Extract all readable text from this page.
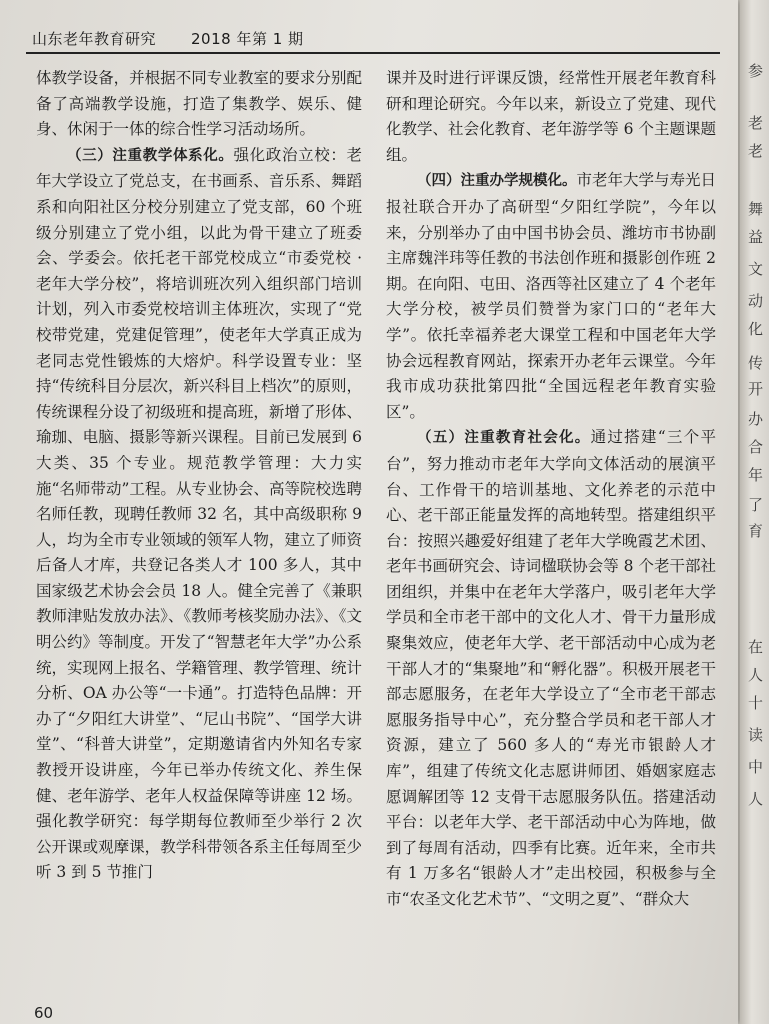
山东老年教育研究 2018 年第 1 期

体教学设备，并根据不同专业教室的要求分别配备了高端教学设施，打造了集教学、娱乐、健身、休闲于一体的综合性学习活动场所。

（三）注重教学体系化。强化政治立校：老年大学设立了党总支，在书画系、音乐系、舞蹈系和向阳社区分校分别建立了党支部，60 个班级分别建立了党小组，以此为骨干建立了班委会、学委会。依托老干部党校成立“市委党校 · 老年大学分校”，将培训班次列入组织部门培训计划，列入市委党校培训主体班次，实现了“党校带党建，党建促管理”，使老年大学真正成为老同志党性锻炼的大熔炉。科学设置专业：坚持“传统科目分层次，新兴科目上档次”的原则，传统课程分设了初级班和提高班，新增了形体、瑜珈、电脑、摄影等新兴课程。目前已发展到 6 大类、35 个专业。规范教学管理：大力实施“名师带动”工程。从专业协会、高等院校选聘名师任教，现聘任教师 32 名，其中高级职称 9 人，均为全市专业领域的领军人物，建立了师资后备人才库，共登记各类人才 100 多人，其中国家级艺术协会会员 18 人。健全完善了《兼职教师津贴发放办法》、《教师考核奖励办法》、《文明公约》等制度。开发了“智慧老年大学”办公系统，实现网上报名、学籍管理、教学管理、统计分析、OA 办公等“一卡通”。打造特色品牌：开办了“夕阳红大讲堂”、“尼山书院”、“国学大讲堂”、“科普大讲堂”，定期邀请省内外知名专家教授开设讲座，今年已举办传统文化、养生保健、老年游学、老年人权益保障等讲座 12 场。强化教学研究：每学期每位教师至少举行 2 次公开课或观摩课，教学科带领各系主任每周至少听 3 到 5 节推门

课并及时进行评课反馈，经常性开展老年教育科研和理论研究。今年以来，新设立了党建、现代化教学、社会化教育、老年游学等 6 个主题课题组。

（四）注重办学规模化。市老年大学与寿光日报社联合开办了高研型“夕阳红学院”，今年以来，分别举办了由中国书协会员、潍坊市书协副主席魏泮玮等任教的书法创作班和摄影创作班 2 期。在向阳、屯田、洛西等社区建立了 4 个老年大学分校，被学员们赞誉为家门口的“老年大学”。依托幸福养老大课堂工程和中国老年大学协会远程教育网站，探索开办老年云课堂。今年我市成功获批第四批“全国远程老年教育实验区”。

（五）注重教育社会化。通过搭建“三个平台”，努力推动市老年大学向文体活动的展演平台、工作骨干的培训基地、文化养老的示范中心、老干部正能量发挥的高地转型。搭建组织平台：按照兴趣爱好组建了老年大学晚霞艺术团、老年书画研究会、诗词楹联协会等 8 个老干部社团组织，并集中在老年大学落户，吸引老年大学学员和全市老干部中的文化人才、骨干力量形成聚集效应，使老年大学、老干部活动中心成为老干部人才的“集聚地”和“孵化器”。积极开展老干部志愿服务，在老年大学设立了“全市老干部志愿服务指导中心”，充分整合学员和老干部人才资源，建立了 560 多人的“寿光市银龄人才库”，组建了传统文化志愿讲师团、婚姻家庭志愿调解团等 12 支骨干志愿服务队伍。搭建活动平台：以老年大学、老干部活动中心为阵地，做到了每周有活动，四季有比赛。近年来，全市共有 1 万多名“银龄人才”走出校园，积极参与全市“农圣文化艺术节”、“文明之夏”、“群众大

60
参
老
老
舞
益
文
动
化
传
开
办
合
年
了
育
在
人
十
读
中
人
